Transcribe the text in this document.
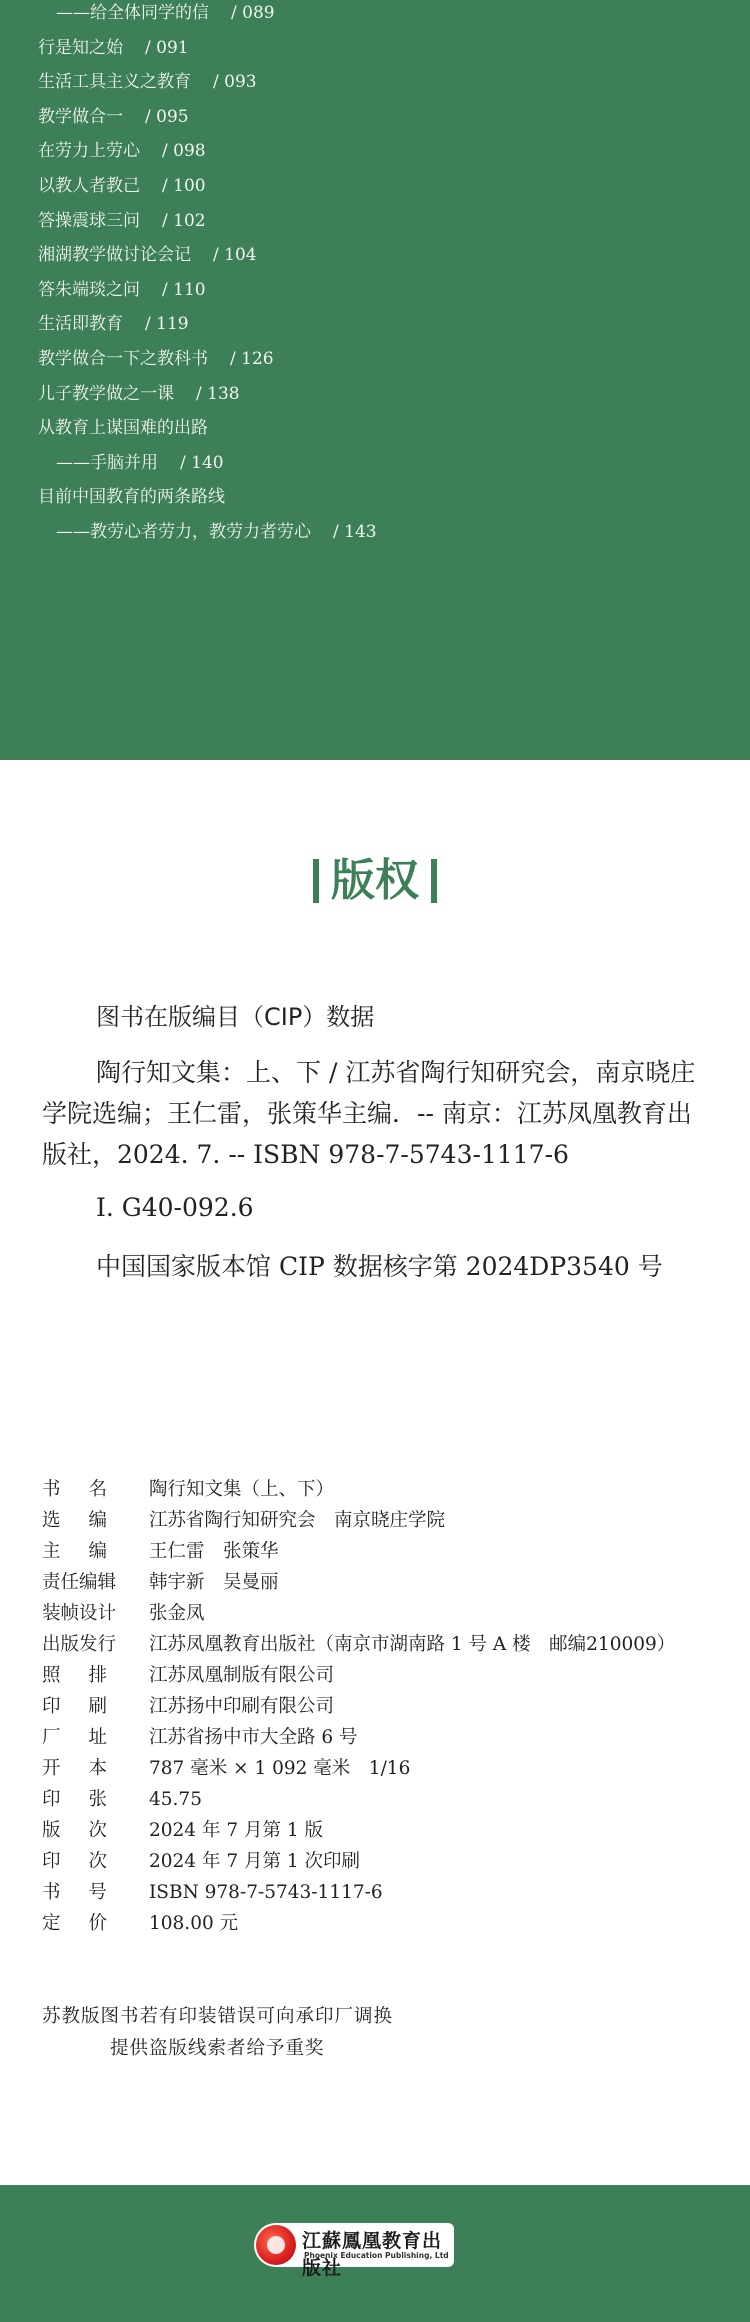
——给全体同学的信 / 089
行是知之始 / 091
生活工具主义之教育 / 093
教学做合一 / 095
在劳力上劳心 / 098
以教人者教己 / 100
答操震球三问 / 102
湘湖教学做讨论会记 / 104
答朱端琰之问 / 110
生活即教育 / 119
教学做合一下之教科书 / 126
儿子教学做之一课 / 138
从教育上谋国难的出路
——手脑并用 / 140
目前中国教育的两条路线
——教劳心者劳力，教劳力者劳心 / 143
版权
图书在版编目（CIP）数据
陶行知文集：上、下 / 江苏省陶行知研究会，南京晓庄学院选编；王仁雷，张策华主编．-- 南京：江苏凤凰教育出版社，2024. 7. -- ISBN 978-7-5743-1117-6
Ⅰ. G40-092.6
中国国家版本馆 CIP 数据核字第 2024DP3540 号
书名 陶行知文集（上、下）
选编 江苏省陶行知研究会　南京晓庄学院
主编 王仁雷　张策华
责任编辑	韩宇新　吴曼丽
装帧设计	张金凤
出版发行	江苏凤凰教育出版社（南京市湖南路 1 号 A 楼　邮编210009）
照排 江苏凤凰制版有限公司
印刷 江苏扬中印刷有限公司
厂址 江苏省扬中市大全路 6 号
开本 787 毫米 × 1 092 毫米　1/16
印张 45.75
版次 2024 年 7 月第 1 版
印次 2024 年 7 月第 1 次印刷
书号 ISBN 978-7-5743-1117-6
定价 108.00 元
苏教版图书若有印装错误可向承印厂调换
提供盗版线索者给予重奖
江蘇鳳凰教育出版社
Phoenix Education Publishing, Ltd
